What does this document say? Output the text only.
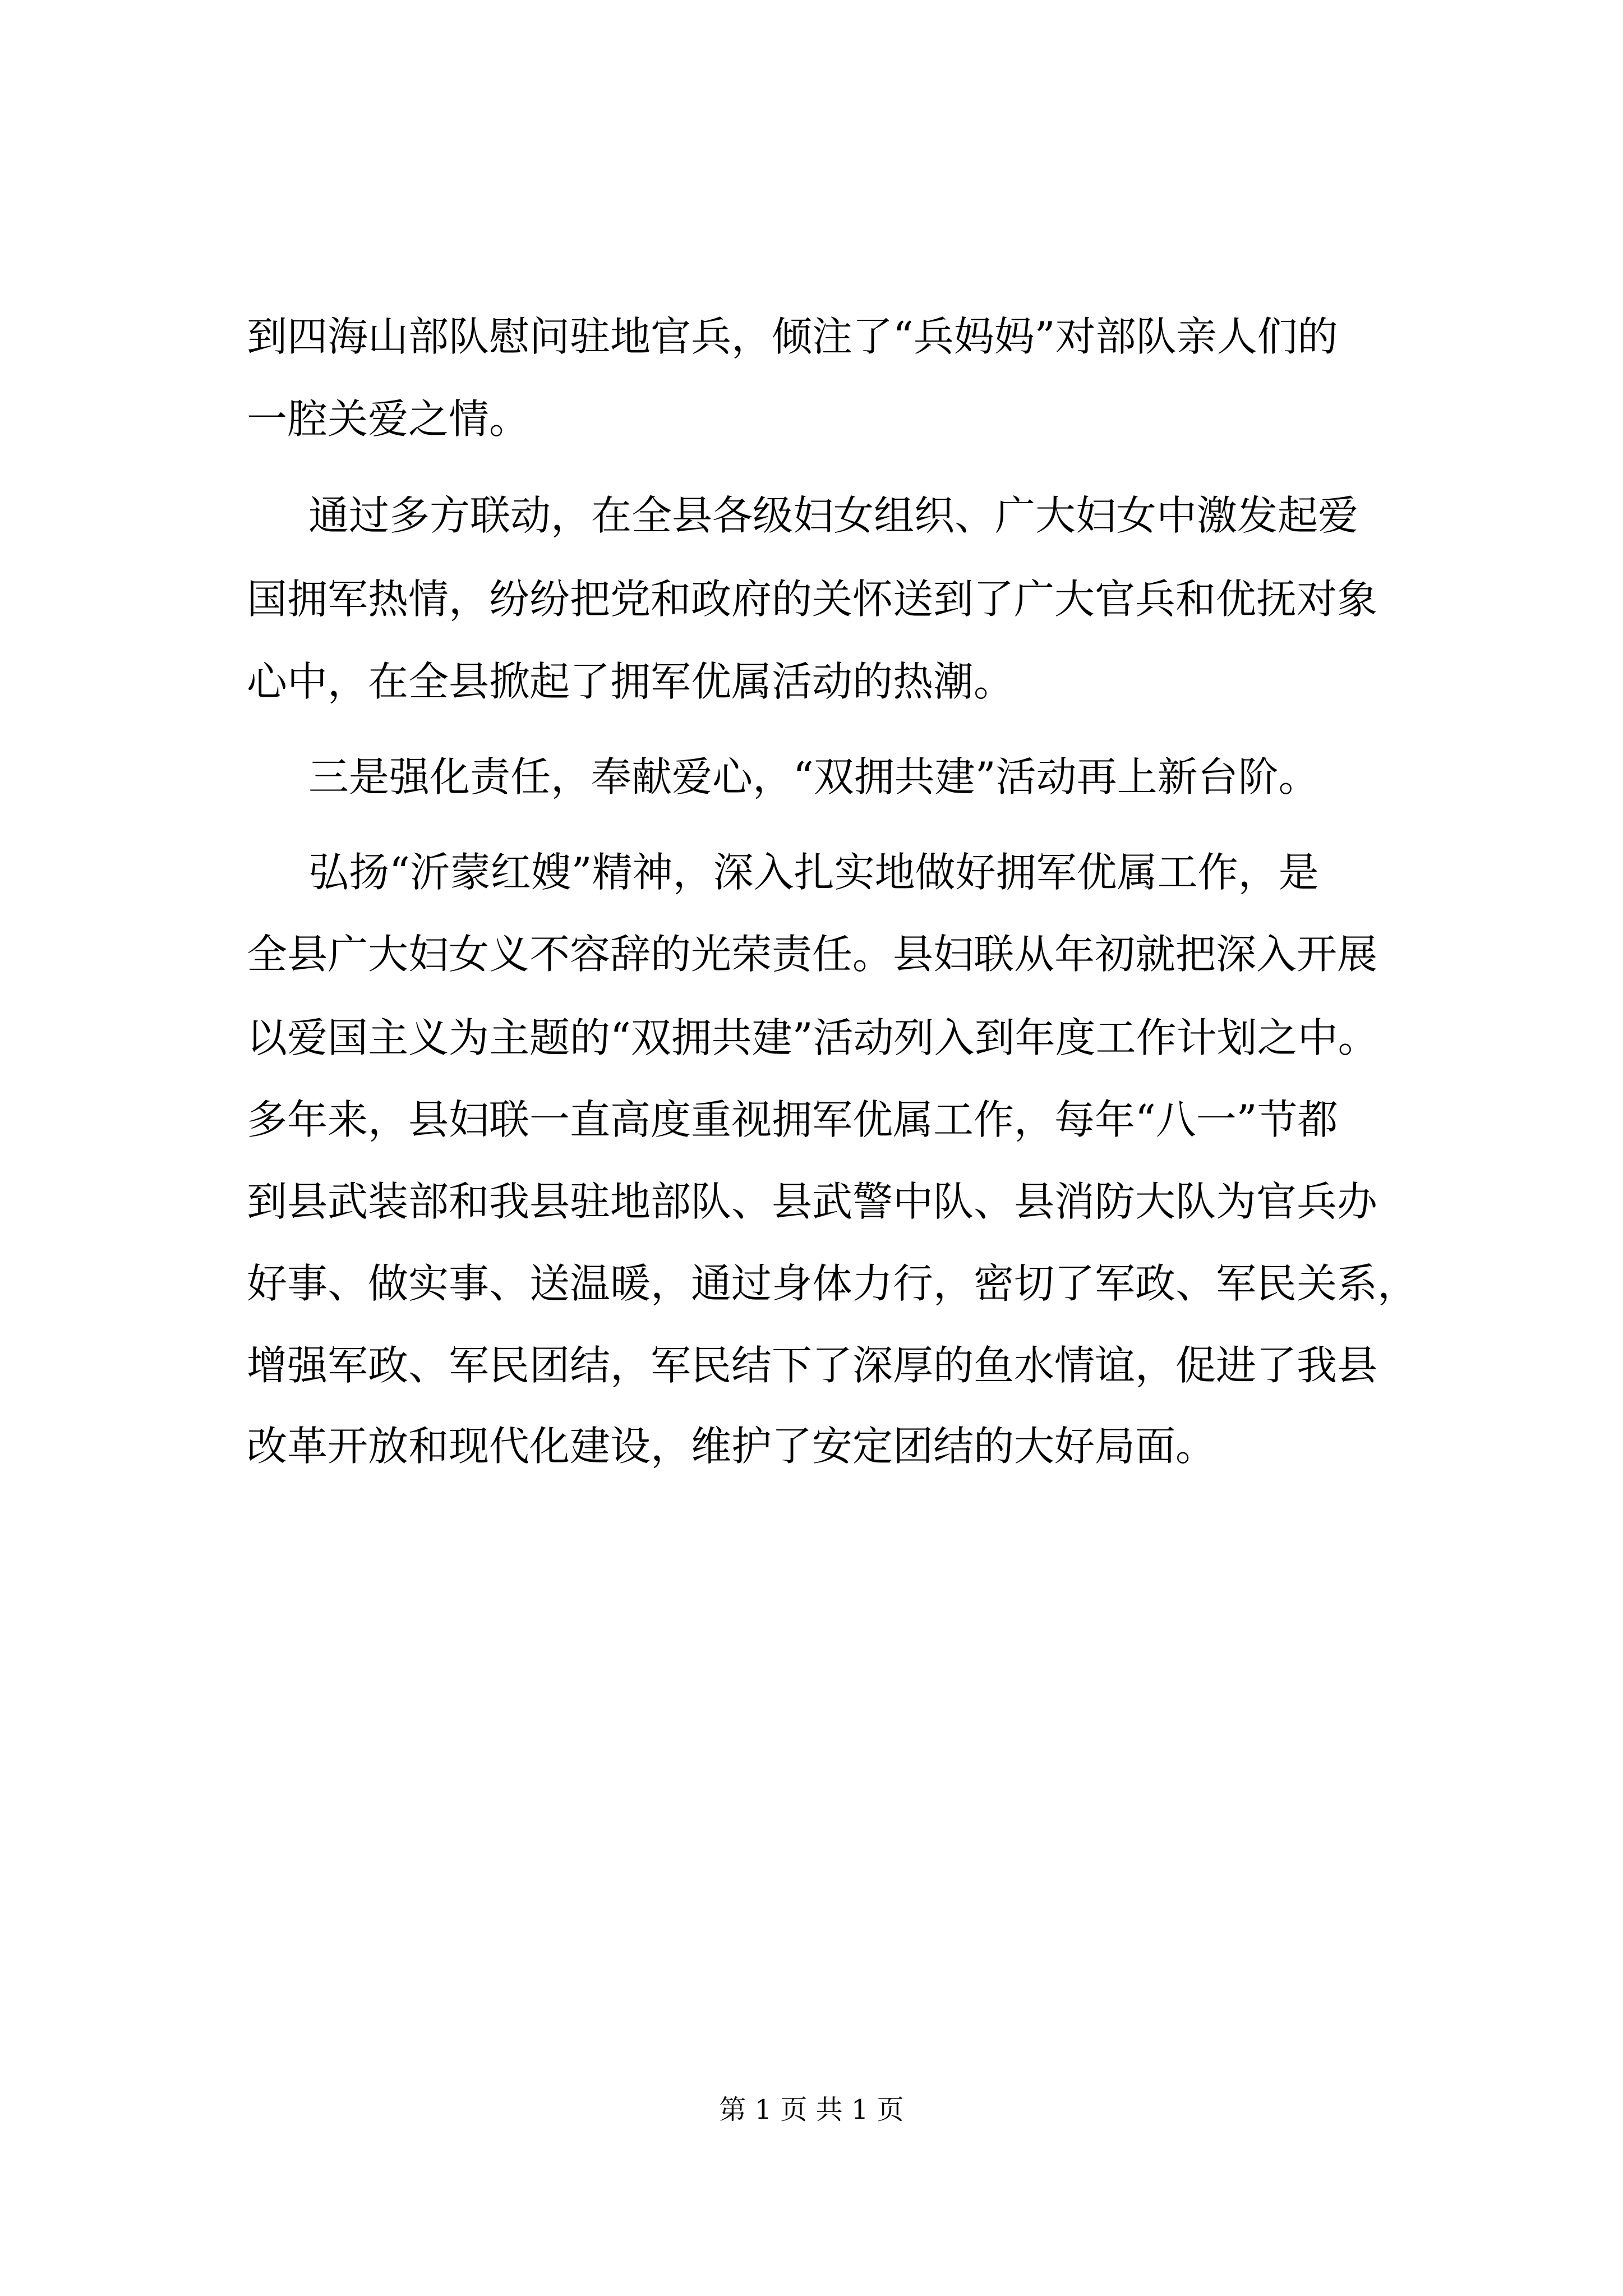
到四海山部队慰问驻地官兵，倾注了“兵妈妈”对部队亲人们的
一腔关爱之情。
通过多方联动，在全县各级妇女组织、广大妇女中激发起爱
国拥军热情，纷纷把党和政府的关怀送到了广大官兵和优抚对象
心中，在全县掀起了拥军优属活动的热潮。
三是强化责任，奉献爱心，“双拥共建”活动再上新台阶。
弘扬“沂蒙红嫂”精神，深入扎实地做好拥军优属工作，是
全县广大妇女义不容辞的光荣责任。县妇联从年初就把深入开展
以爱国主义为主题的“双拥共建”活动列入到年度工作计划之中。
多年来，县妇联一直高度重视拥军优属工作，每年“八一”节都
到县武装部和我县驻地部队、县武警中队、县消防大队为官兵办
好事、做实事、送温暖，通过身体力行，密切了军政、军民关系，
增强军政、军民团结，军民结下了深厚的鱼水情谊，促进了我县
改革开放和现代化建设，维护了安定团结的大好局面。
第 1 页 共 1 页
